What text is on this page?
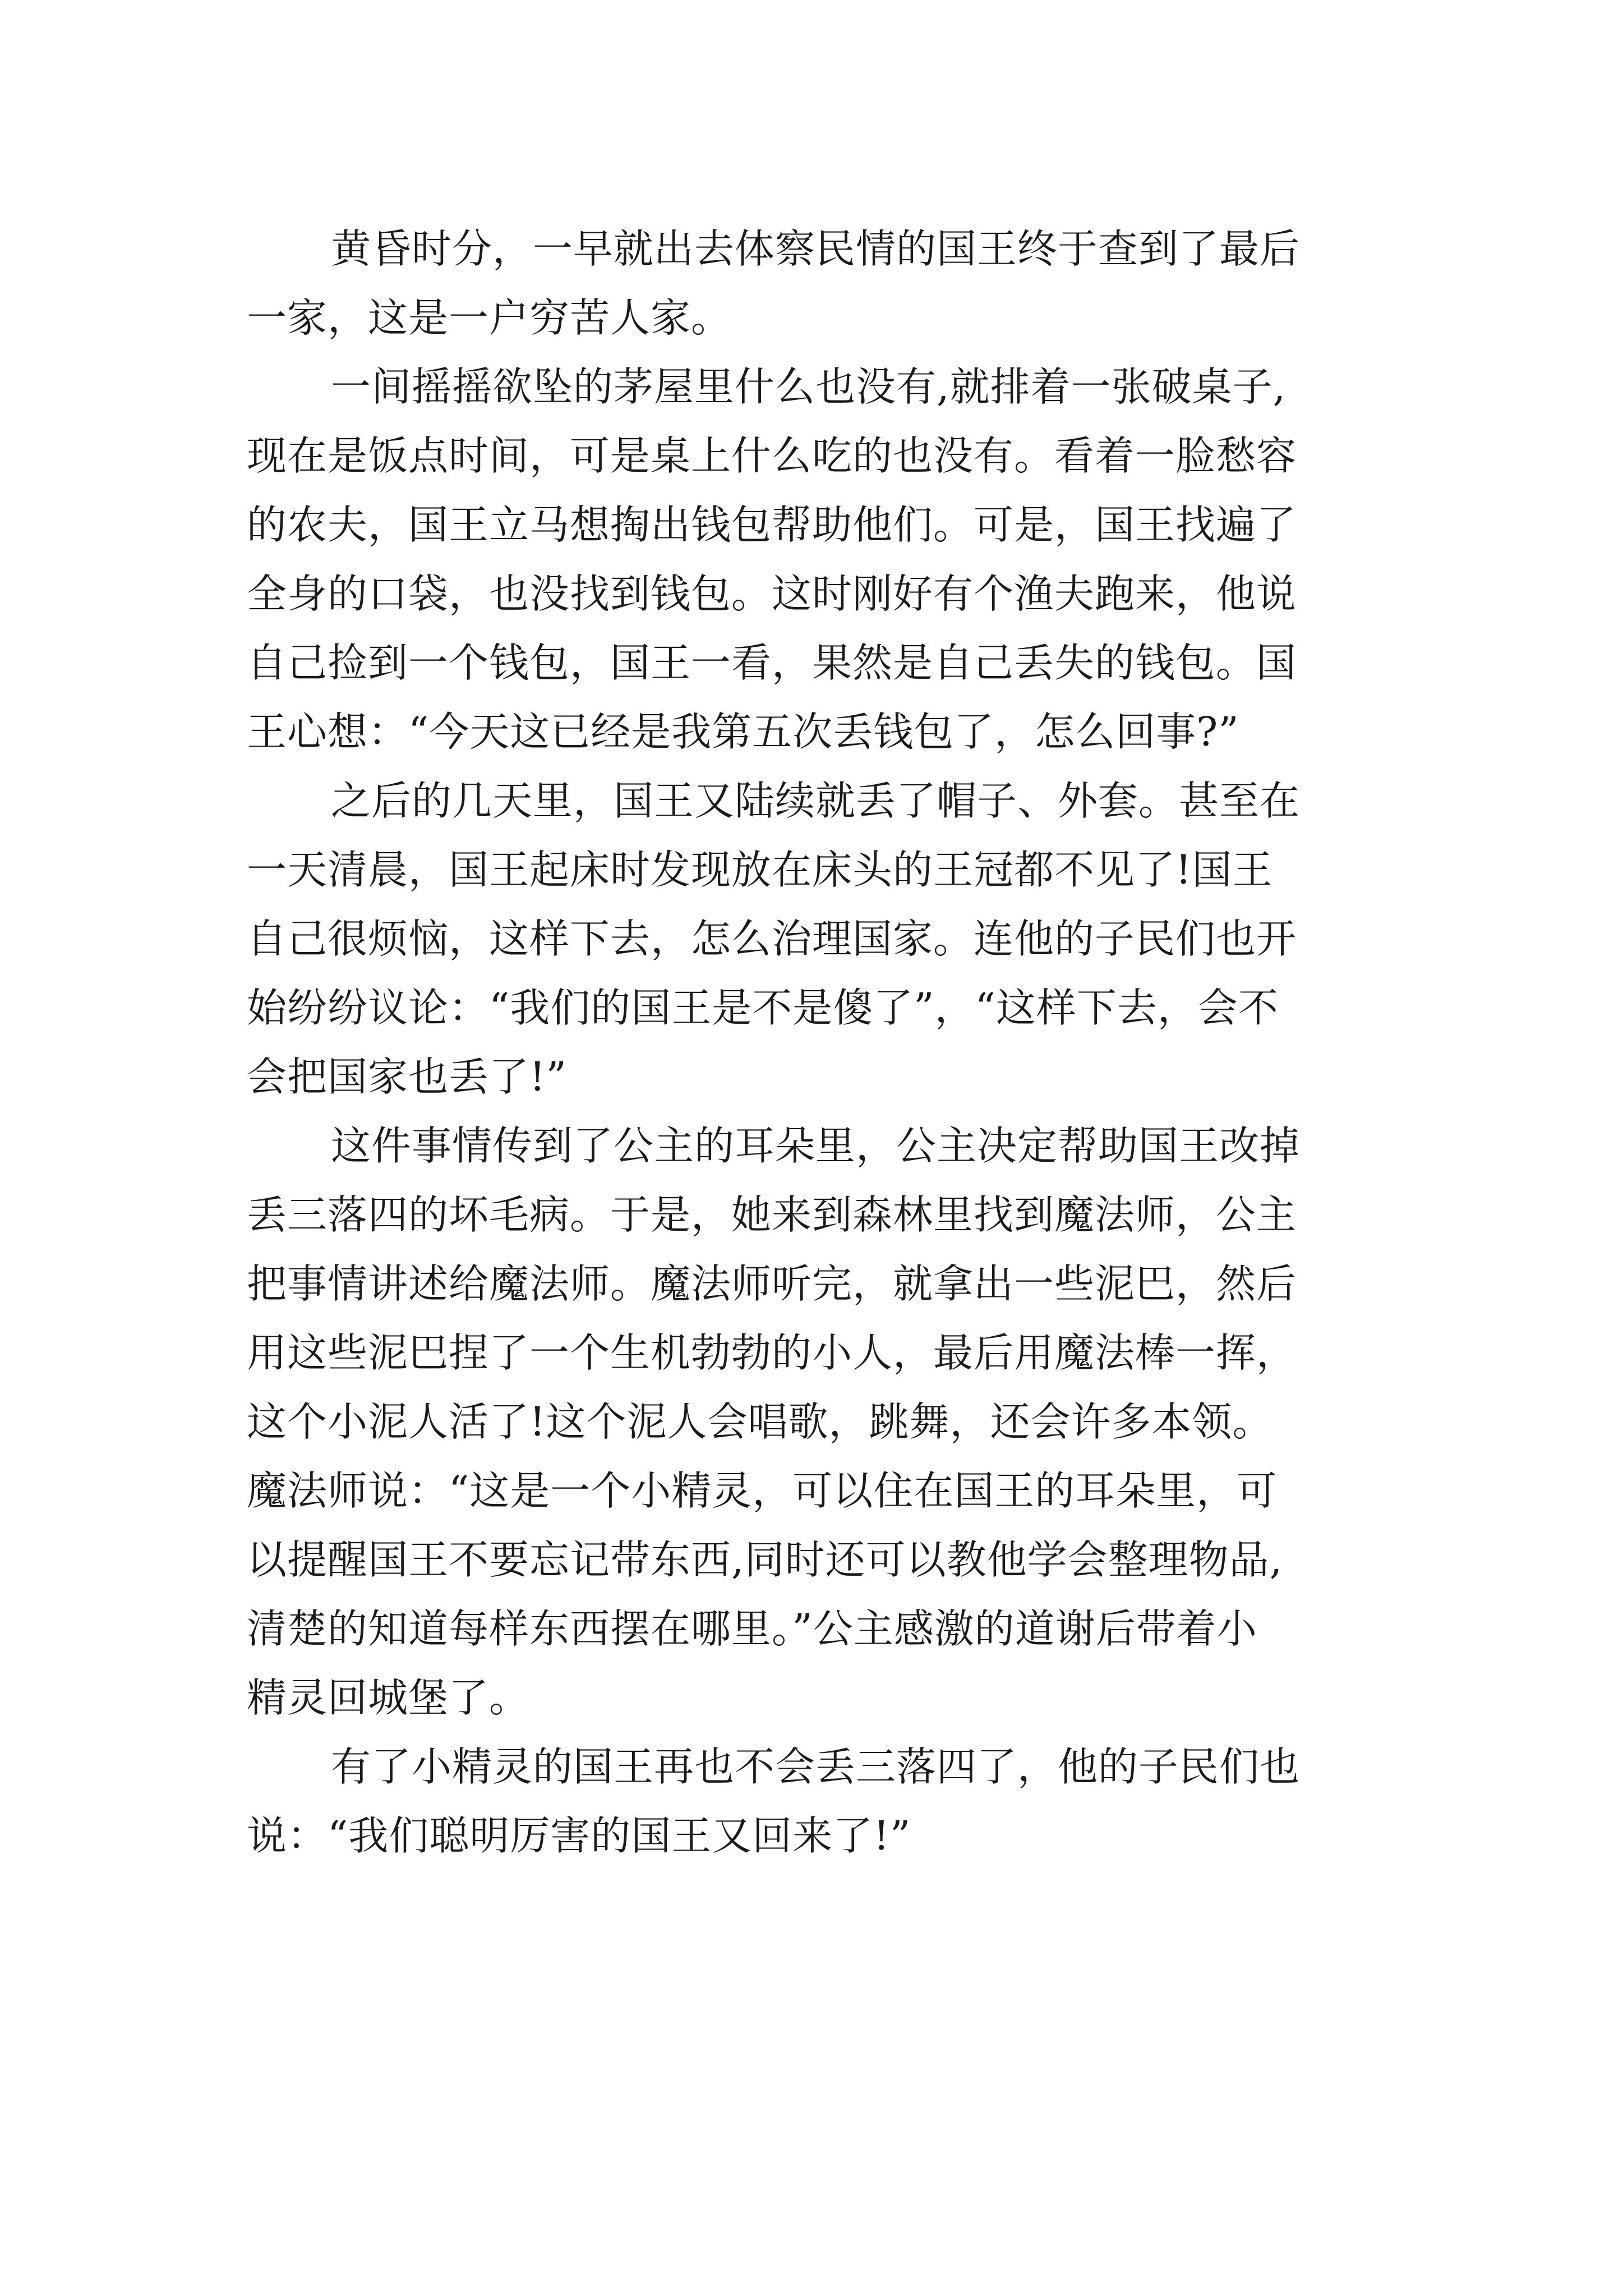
黄昏时分，一早就出去体察民情的国王终于查到了最后
一家，这是一户穷苦人家。
一间摇摇欲坠的茅屋里什么也没有,就排着一张破桌子,
现在是饭点时间，可是桌上什么吃的也没有。看着一脸愁容
的农夫，国王立马想掏出钱包帮助他们。可是，国王找遍了
全身的口袋，也没找到钱包。这时刚好有个渔夫跑来，他说
自己捡到一个钱包，国王一看，果然是自己丢失的钱包。国
王心想：“今天这已经是我第五次丢钱包了，怎么回事?”
之后的几天里，国王又陆续就丢了帽子、外套。甚至在
一天清晨，国王起床时发现放在床头的王冠都不见了!国王
自己很烦恼，这样下去，怎么治理国家。连他的子民们也开
始纷纷议论：“我们的国王是不是傻了”，“这样下去，会不
会把国家也丢了!”
这件事情传到了公主的耳朵里，公主决定帮助国王改掉
丢三落四的坏毛病。于是，她来到森林里找到魔法师，公主
把事情讲述给魔法师。魔法师听完，就拿出一些泥巴，然后
用这些泥巴捏了一个生机勃勃的小人，最后用魔法棒一挥，
这个小泥人活了!这个泥人会唱歌，跳舞，还会许多本领。
魔法师说：“这是一个小精灵，可以住在国王的耳朵里，可
以提醒国王不要忘记带东西,同时还可以教他学会整理物品,
清楚的知道每样东西摆在哪里。”公主感激的道谢后带着小
精灵回城堡了。
有了小精灵的国王再也不会丢三落四了，他的子民们也
说：“我们聪明厉害的国王又回来了!”
